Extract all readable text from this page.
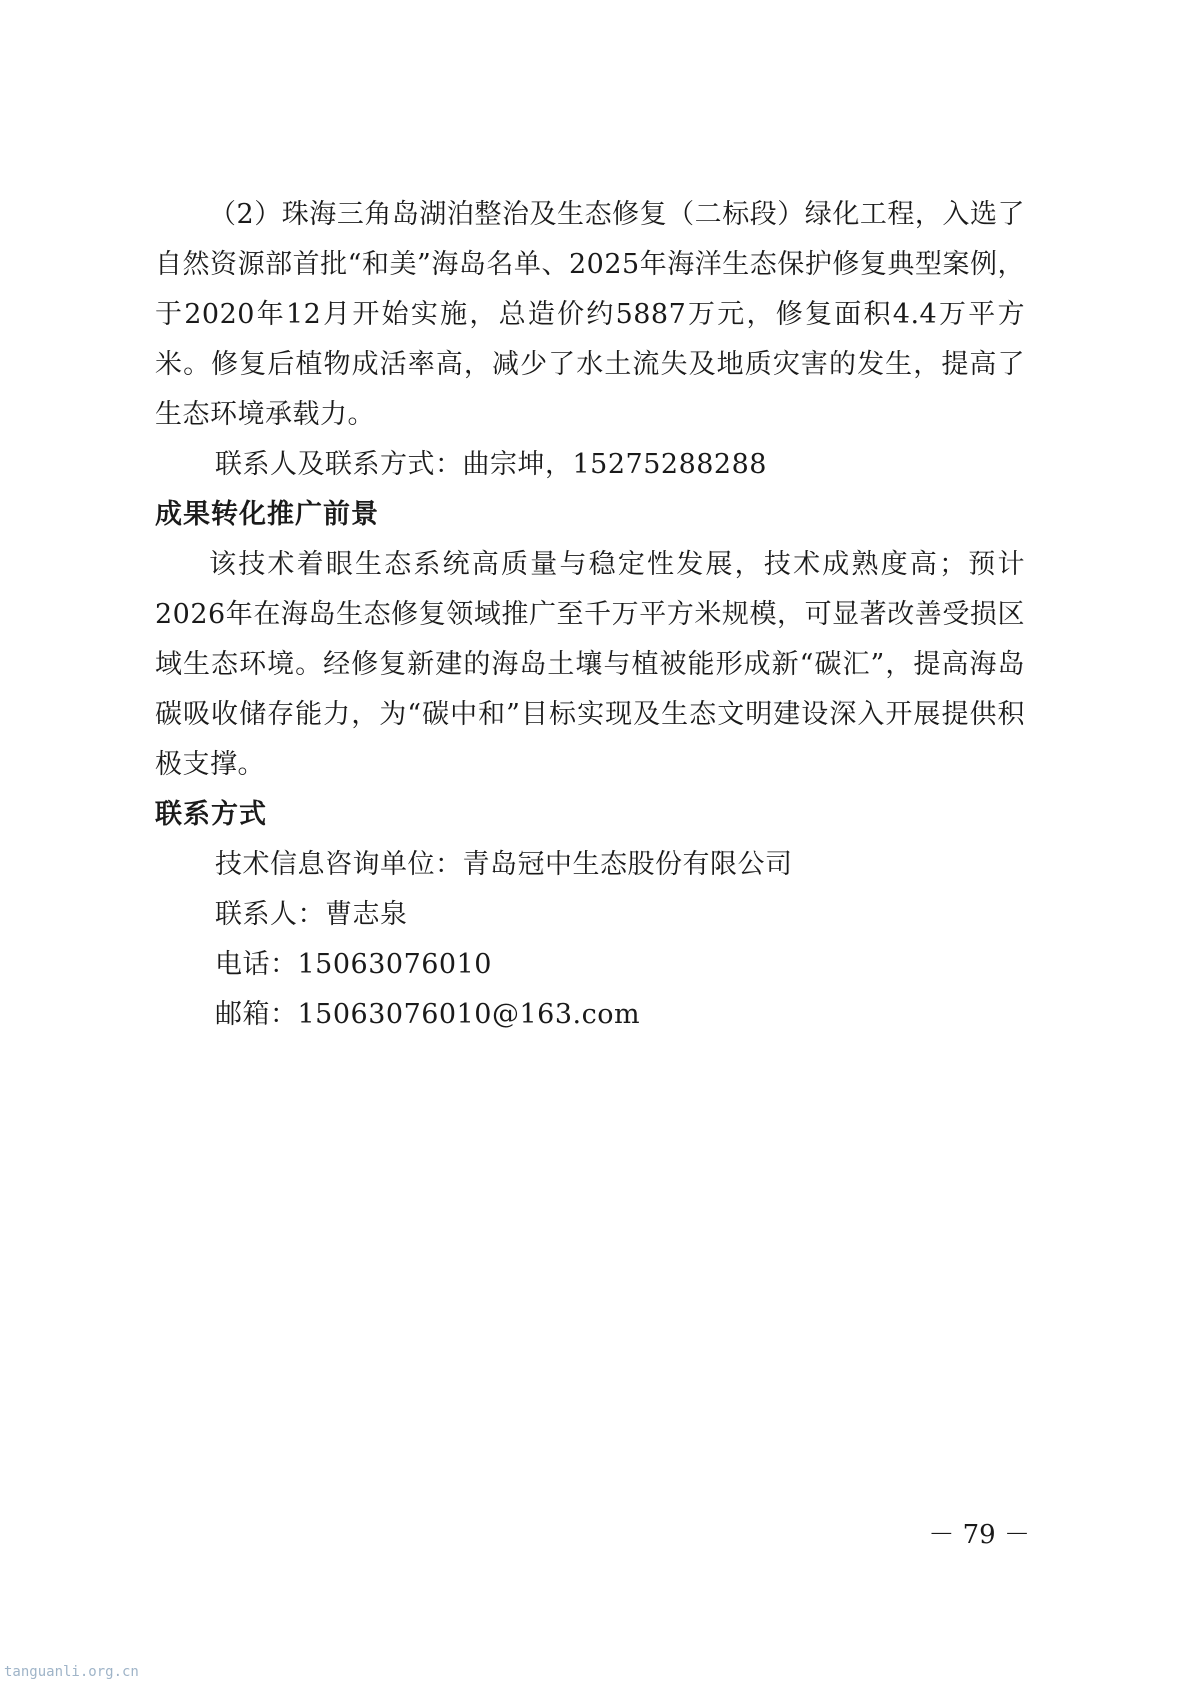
（2）珠海三角岛湖泊整治及生态修复（二标段）绿化工程，入选了自然资源部首批“和美”海岛名单、2025年海洋生态保护修复典型案例，于2020年12月开始实施，总造价约5887万元，修复面积4.4万平方米。修复后植物成活率高，减少了水土流失及地质灾害的发生，提高了生态环境承载力。

联系人及联系方式：曲宗坤，15275288288

成果转化推广前景

该技术着眼生态系统高质量与稳定性发展，技术成熟度高；预计2026年在海岛生态修复领域推广至千万平方米规模，可显著改善受损区域生态环境。经修复新建的海岛土壤与植被能形成新“碳汇”，提高海岛碳吸收储存能力，为“碳中和”目标实现及生态文明建设深入开展提供积极支撑。

联系方式

技术信息咨询单位：青岛冠中生态股份有限公司

联系人：曹志泉

电话：15063076010

邮箱：15063076010@163.com

－ 79 －
tanguanli.org.cn
